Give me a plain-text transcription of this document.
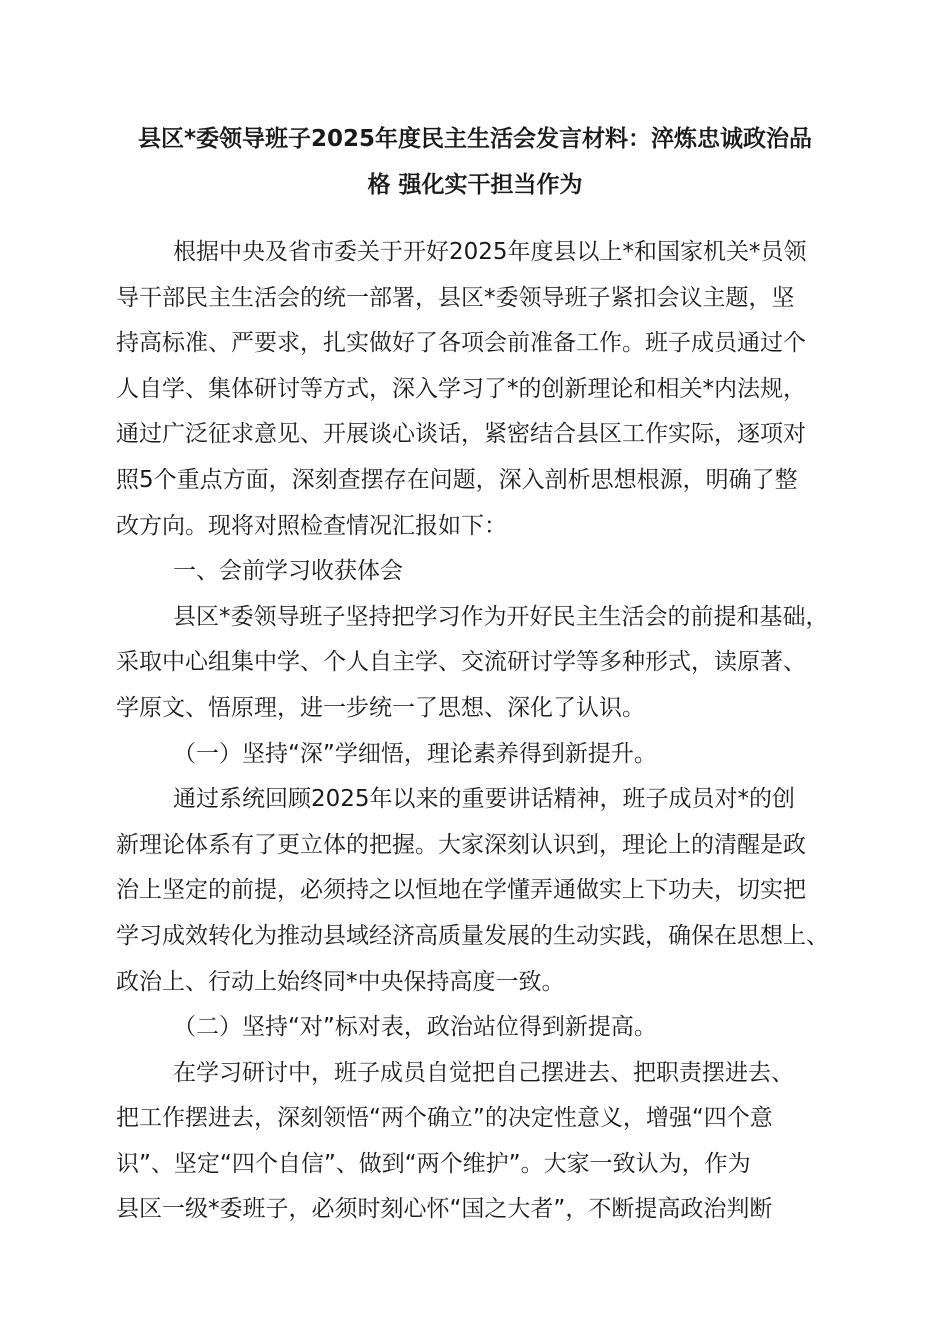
县区*委领导班子2025年度民主生活会发言材料：淬炼忠诚政治品
格 强化实干担当作为
根据中央及省市委关于开好2025年度县以上*和国家机关*员领
导干部民主生活会的统一部署，县区*委领导班子紧扣会议主题，坚
持高标准、严要求，扎实做好了各项会前准备工作。班子成员通过个
人自学、集体研讨等方式，深入学习了*的创新理论和相关*内法规，
通过广泛征求意见、开展谈心谈话，紧密结合县区工作实际，逐项对
照5个重点方面，深刻查摆存在问题，深入剖析思想根源，明确了整
改方向。现将对照检查情况汇报如下：
一、会前学习收获体会
县区*委领导班子坚持把学习作为开好民主生活会的前提和基础，
采取中心组集中学、个人自主学、交流研讨学等多种形式，读原著、
学原文、悟原理，进一步统一了思想、深化了认识。
（一）坚持“深”学细悟，理论素养得到新提升。
通过系统回顾2025年以来的重要讲话精神，班子成员对*的创
新理论体系有了更立体的把握。大家深刻认识到，理论上的清醒是政
治上坚定的前提，必须持之以恒地在学懂弄通做实上下功夫，切实把
学习成效转化为推动县域经济高质量发展的生动实践，确保在思想上、
政治上、行动上始终同*中央保持高度一致。
（二）坚持“对”标对表，政治站位得到新提高。
在学习研讨中，班子成员自觉把自己摆进去、把职责摆进去、
把工作摆进去，深刻领悟“两个确立”的决定性意义，增强“四个意
识”、坚定“四个自信”、做到“两个维护”。大家一致认为，作为
县区一级*委班子，必须时刻心怀“国之大者”，不断提高政治判断
